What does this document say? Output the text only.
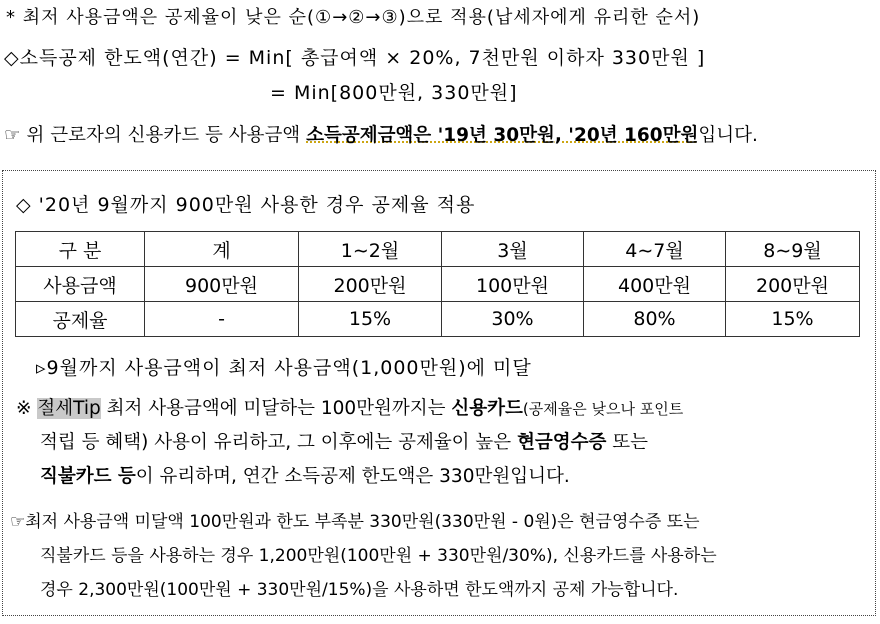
* 최저 사용금액은 공제율이 낮은 순(①→②→③)으로 적용(납세자에게 유리한 순서)
◇소득공제 한도액(연간) = Min[ 총급여액 × 20%, 7천만원 이하자 330만원 ]
= Min[800만원, 330만원]
☞ 위 근로자의 신용카드 등 사용금액 소득공제금액은 '19년 30만원, '20년 160만원입니다.
◇ '20년 9월까지 900만원 사용한 경우 공제율 적용
구 분	계	1∼2월	3월	4∼7월	8∼9월
사용금액	900만원	200만원	100만원	400만원	200만원
공제율	-	15%	30%	80%	15%
▹9월까지 사용금액이 최저 사용금액(1,000만원)에 미달
※ 절세Tip 최저 사용금액에 미달하는 100만원까지는 신용카드(공제율은 낮으나 포인트
적립 등 혜택) 사용이 유리하고, 그 이후에는 공제율이 높은 현금영수증 또는
직불카드 등이 유리하며, 연간 소득공제 한도액은 330만원입니다.
☞최저 사용금액 미달액 100만원과 한도 부족분 330만원(330만원 - 0원)은 현금영수증 또는
직불카드 등을 사용하는 경우 1,200만원(100만원 + 330만원/30%), 신용카드를 사용하는
경우 2,300만원(100만원 + 330만원/15%)을 사용하면 한도액까지 공제 가능합니다.
